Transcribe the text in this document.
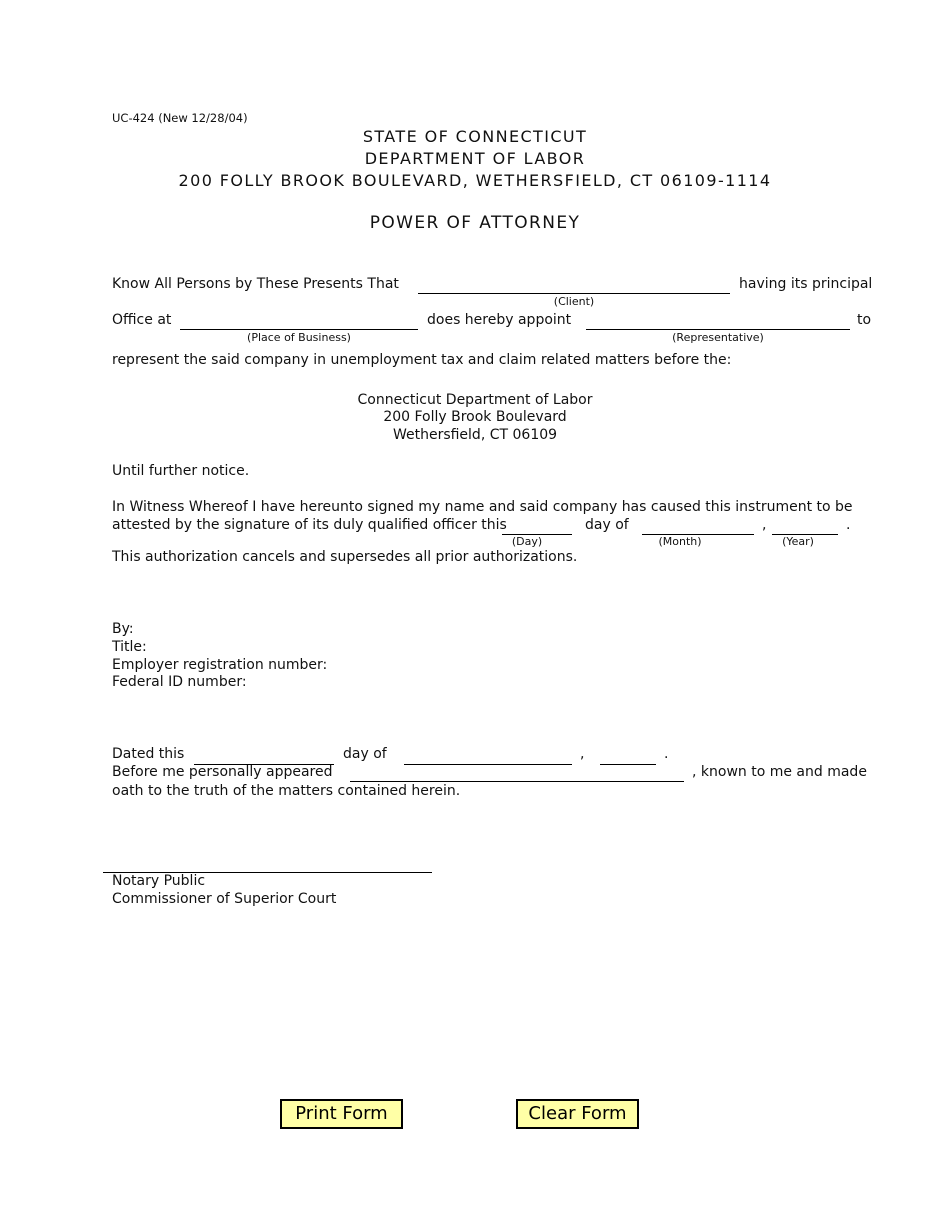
UC-424 (New 12/28/04)
STATE OF CONNECTICUT
DEPARTMENT OF LABOR
200 FOLLY BROOK BOULEVARD, WETHERSFIELD, CT 06109-1114
POWER OF ATTORNEY
Know All Persons by These Presents That	having its principal
(Client)
Office at	does hereby appoint	to
(Place of Business)	(Representative)
represent the said company in unemployment tax and claim related matters before the:
Connecticut Department of Labor
200 Folly Brook Boulevard
Wethersfield, CT 06109
Until further notice.
In Witness Whereof I have hereunto signed my name and said company has caused this instrument to be
attested by the signature of its duly qualified officer this	day of	,	.
(Day)	(Month)	(Year)
This authorization cancels and supersedes all prior authorizations.
By:
Title:
Employer registration number:
Federal ID number:
Dated this	day of	,	.
Before me personally appeared	, known to me and made
oath to the truth of the matters contained herein.
Notary Public
Commissioner of Superior Court
Print Form	Clear Form
